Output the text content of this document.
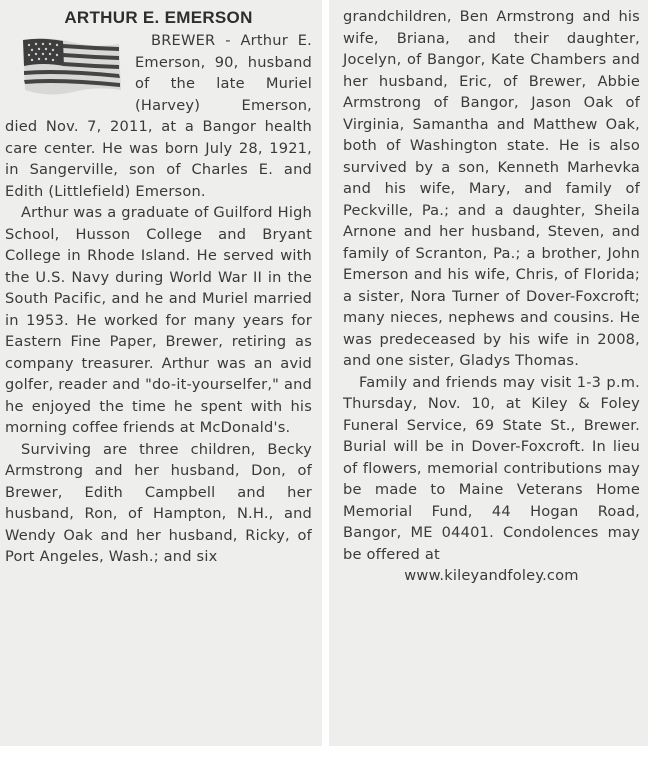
ARTHUR E. EMERSON

BREWER - Arthur E. Emerson, 90, husband of the late Muriel (Harvey) Emerson, died Nov. 7, 2011, at a Bangor health care center. He was born July 28, 1921, in Sangerville, son of Charles E. and Edith (Littlefield) Emerson.

Arthur was a graduate of Guilford High School, Husson College and Bryant College in Rhode Island. He served with the U.S. Navy during World War II in the South Pacific, and he and Muriel married in 1953. He worked for many years for Eastern Fine Paper, Brewer, retiring as company treasurer. Arthur was an avid golfer, reader and "do-it-yourselfer," and he enjoyed the time he spent with his morning coffee friends at McDonald's.

Surviving are three children, Becky Armstrong and her husband, Don, of Brewer, Edith Campbell and her husband, Ron, of Hampton, N.H., and Wendy Oak and her husband, Ricky, of Port Angeles, Wash.; and six

grandchildren, Ben Armstrong and his wife, Briana, and their daughter, Jocelyn, of Bangor, Kate Chambers and her husband, Eric, of Brewer, Abbie Armstrong of Bangor, Jason Oak of Virginia, Samantha and Matthew Oak, both of Washington state. He is also survived by a son, Kenneth Marhevka and his wife, Mary, and family of Peckville, Pa.; and a daughter, Sheila Arnone and her husband, Steven, and family of Scranton, Pa.; a brother, John Emerson and his wife, Chris, of Florida; a sister, Nora Turner of Dover-Foxcroft; many nieces, nephews and cousins. He was predeceased by his wife in 2008, and one sister, Gladys Thomas.

Family and friends may visit 1-3 p.m. Thursday, Nov. 10, at Kiley & Foley Funeral Service, 69 State St., Brewer. Burial will be in Dover-Foxcroft. In lieu of flowers, memorial contributions may be made to Maine Veterans Home Memorial Fund, 44 Hogan Road, Bangor, ME 04401. Condolences may be offered at

www.kileyandfoley.com
